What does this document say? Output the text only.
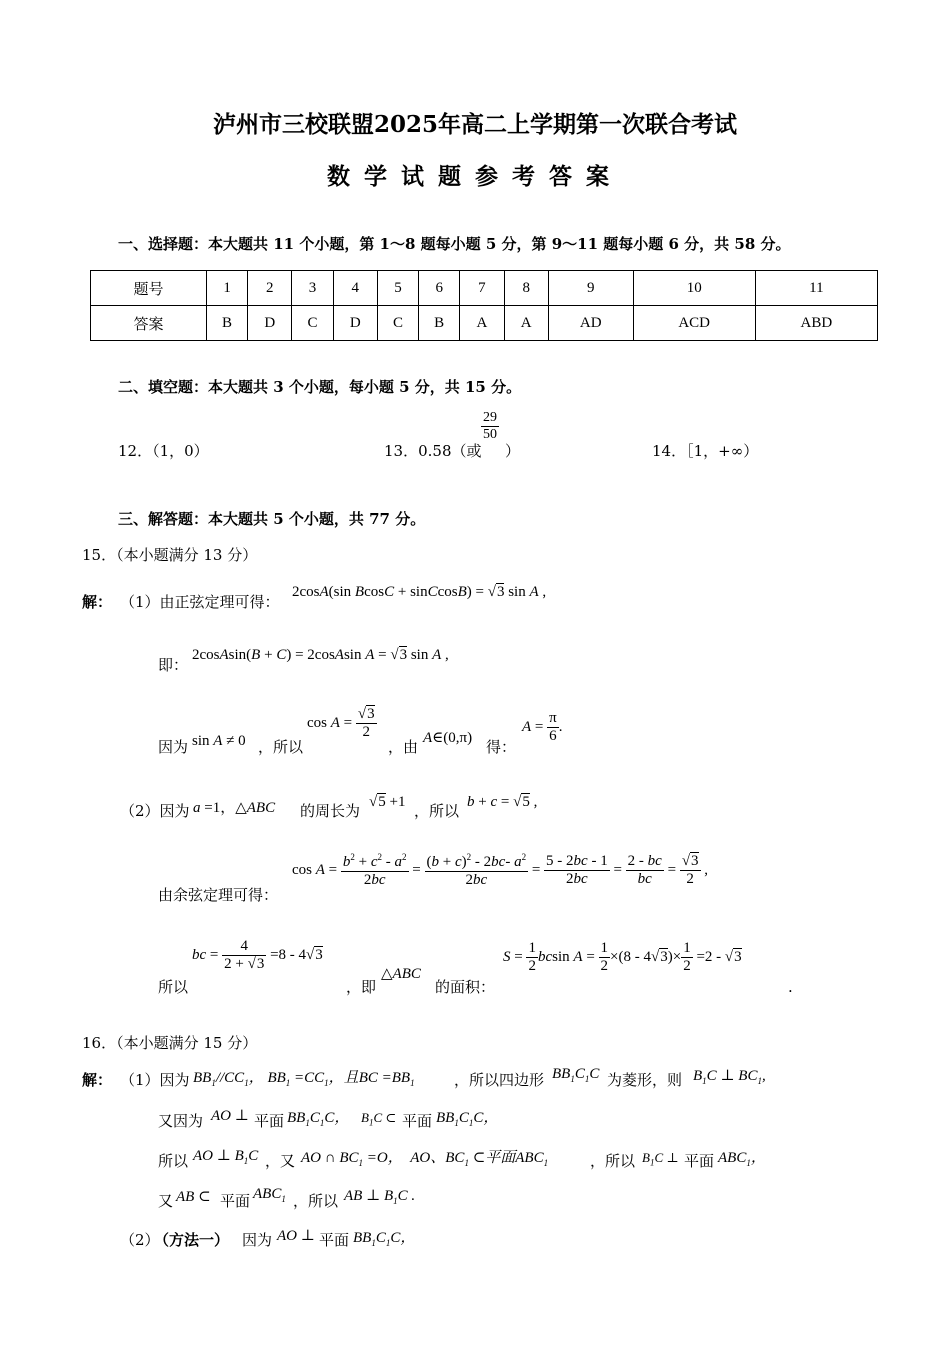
泸州市三校联盟2025年高二上学期第一次联合考试
数学试题参考答案
一、选择题：本大题共 11 个小题，第 1～8 题每小题 5 分，第 9～11 题每小题 6 分，共 58 分。
题号	1	2	3	4	5	6	7	8	9	10	11
答案	B	D	C	D	C	B	A	A	AD	ACD	ABD
二、填空题：本大题共 3 个小题，每小题 5 分，共 15 分。
12．（1，0）	13．0.58（或
$\frac{29}{50}$
）	14．［1，+∞）
三、解答题：本大题共 5 个小题，共 77 分。
15．（本小题满分 13 分）
解： （1）由正弦定理可得：
2cosA(sin BcosC + sinCcosB) = √3 sin A ,
即：
2cosAsin(B + C) = 2cosAsin A = √3 sin A ,
因为 sin A ≠ 0 ，所以
$\cos A = \frac{√3}{2}$
，由 A∈(0,π) 得：
$A = \frac{\pi}{6}$ .
（2）因为 a =1，△ABC 的周长为 √5 +1 ，所以 b + c = √5 ,
由余弦定理可得：
$\cos A = \frac{b^2 + c^2 - a^2}{2bc} = \frac{(b + c)^2 - 2bc- a^2}{2bc} = \frac{5 - 2bc - 1}{2bc} = \frac{2 - bc}{bc} = \frac{√3}{2}$ ,
所以
bc = $\frac{4}{2 + √3} =8 - 4√3$
，即
△ABC
的面积：
$S = \frac{1}{2}$ bcsin $A = \frac{1}{2} \times(8 - 4√3)\times \frac{1}{2} =2 - √3$
.
16．（本小题满分 15 分）
解： （1）因为 $BB_1//CC_1$， $BB_1 =CC_1$，且BC $=BB_1$	，所以四边形 $BB_1C_1C$ 为菱形，则 $B_1C$ ⊥ $BC_1$,
又因为 AO ⊥ 平面 $BB_1C_1C$， $B_1C$ ⊂ 平面 $BB_1C_1C$，
所以 AO ⊥ $B_1C$ ，又 AO ∩ $BC_1 =O$，  AO、$BC_1$ ⊂平面$ABC_1$	，所以 $B_1C$ ⊥ 平面 $ABC_1$，
又 AB ⊂ 平面 $ABC_1$ ，所以 AB ⊥ $B_1C$ .
（2）
（方法一） 因为 AO ⊥ 平面 $BB_1C_1C$，
